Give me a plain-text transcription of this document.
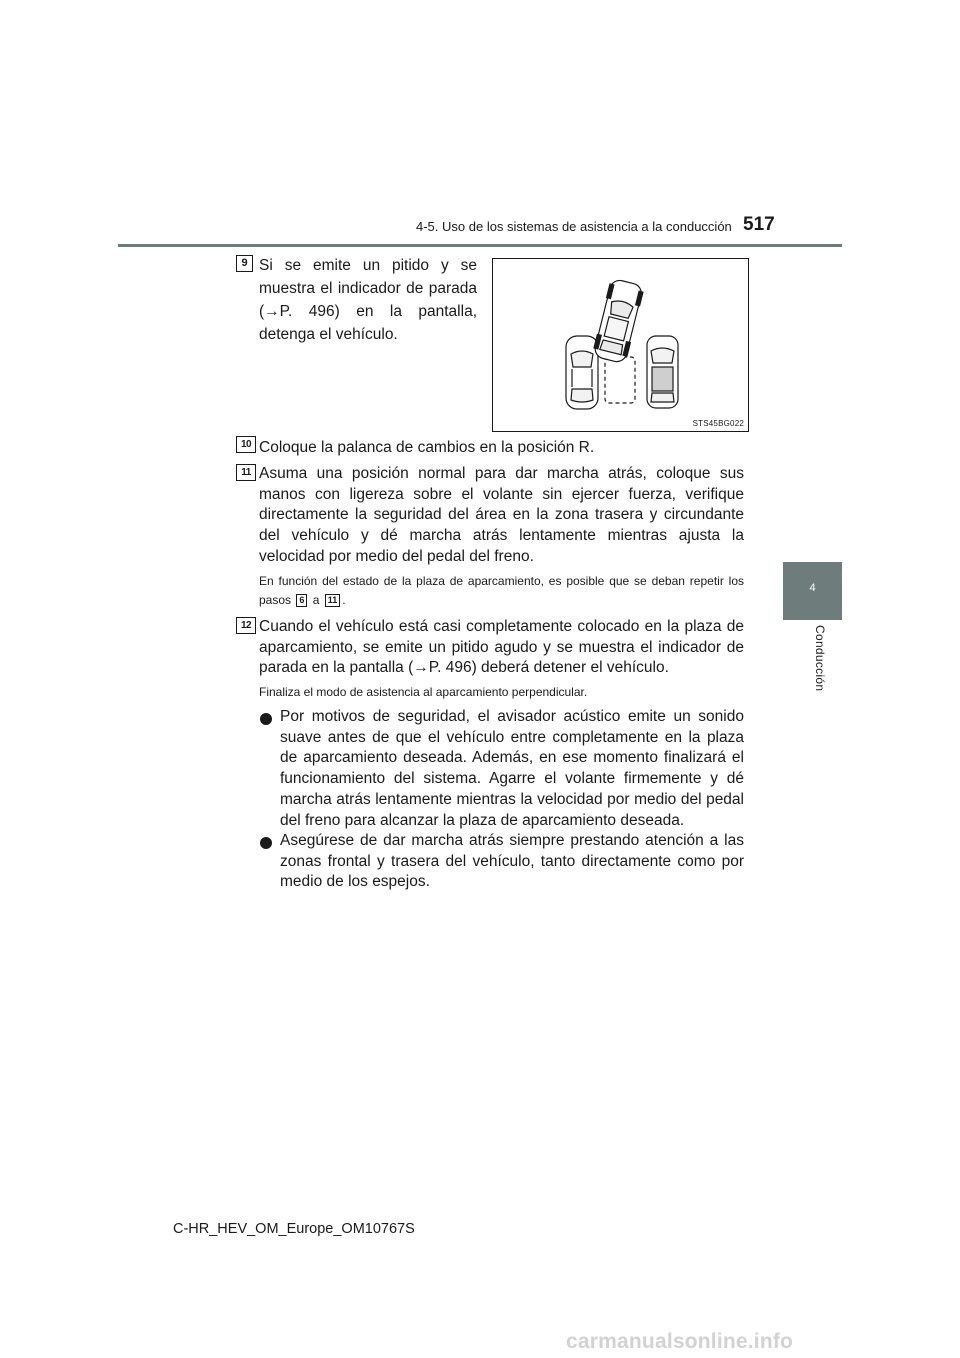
4-5. Uso de los sistemas de asistencia a la conducción 517
4
Conducción
9 Si se emite un pitido y se muestra el indicador de parada (→P. 496) en la pantalla, detenga el vehículo.

STS45BG022
10 Coloque la palanca de cambios en la posición R.

11 Asuma una posición normal para dar marcha atrás, coloque sus manos con ligereza sobre el volante sin ejercer fuerza, verifique directamente la seguridad del área en la zona trasera y circundante del vehículo y dé marcha atrás lentamente mientras ajusta la velocidad por medio del pedal del freno.

En función del estado de la plaza de aparcamiento, es posible que se deban repetir los pasos 6 a 11 .

12 Cuando el vehículo está casi completamente colocado en la plaza de aparcamiento, se emite un pitido agudo y se muestra el indicador de parada en la pantalla (→P. 496) deberá detener el vehículo.

Finaliza el modo de asistencia al aparcamiento perpendicular.

Por motivos de seguridad, el avisador acústico emite un sonido suave antes de que el vehículo entre completamente en la plaza de aparcamiento deseada. Además, en ese momento finalizará el funcionamiento del sistema. Agarre el volante firmemente y dé marcha atrás lentamente mientras la velocidad por medio del pedal del freno para alcanzar la plaza de aparcamiento deseada.

Asegúrese de dar marcha atrás siempre prestando atención a las zonas frontal y trasera del vehículo, tanto directamente como por medio de los espejos.

C-HR_HEV_OM_Europe_OM10767S
carmanualsonline.info
